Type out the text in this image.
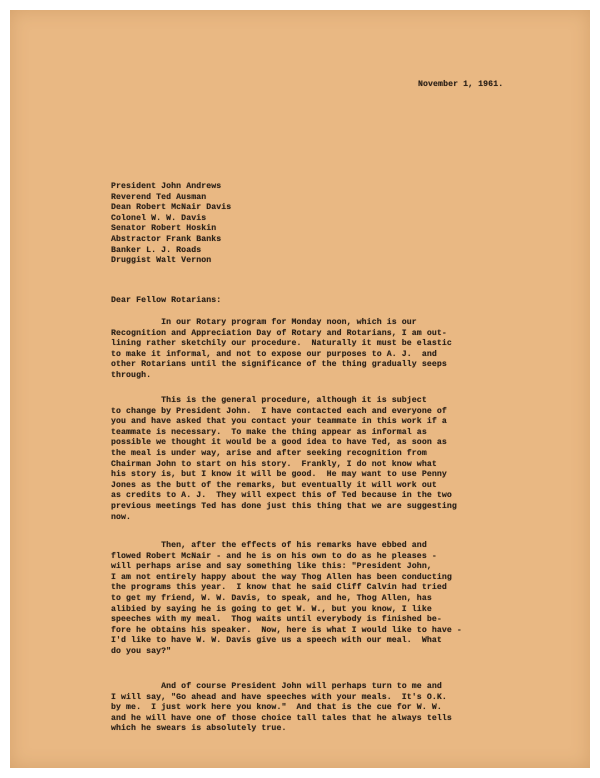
November 1, 1961.
President John Andrews
Reverend Ted Ausman
Dean Robert McNair Davis
Colonel W. W. Davis
Senator Robert Hoskin
Abstractor Frank Banks
Banker L. J. Roads
Druggist Walt Vernon
Dear Fellow Rotarians:
In our Rotary program for Monday noon, which is our
Recognition and Appreciation Day of Rotary and Rotarians, I am out-
lining rather sketchily our procedure.  Naturally it must be elastic
to make it informal, and not to expose our purposes to A. J.  and
other Rotarians until the significance of the thing gradually seeps
through.
This is the general procedure, although it is subject
to change by President John.  I have contacted each and everyone of
you and have asked that you contact your teammate in this work if a
teammate is necessary.  To make the thing appear as informal as
possible we thought it would be a good idea to have Ted, as soon as
the meal is under way, arise and after seeking recognition from
Chairman John to start on his story.  Frankly, I do not know what
his story is, but I know it will be good.  He may want to use Penny
Jones as the butt of the remarks, but eventually it will work out
as credits to A. J.  They will expect this of Ted because in the two
previous meetings Ted has done just this thing that we are suggesting
now.
Then, after the effects of his remarks have ebbed and
flowed Robert McNair - and he is on his own to do as he pleases -
will perhaps arise and say something like this: "President John,
I am not entirely happy about the way Thog Allen has been conducting
the programs this year.  I know that he said Cliff Calvin had tried
to get my friend, W. W. Davis, to speak, and he, Thog Allen, has
alibied by saying he is going to get W. W., but you know, I like
speeches with my meal.  Thog waits until everybody is finished be-
fore he obtains his speaker.  Now, here is what I would like to have -
I'd like to have W. W. Davis give us a speech with our meal.  What
do you say?"
And of course President John will perhaps turn to me and
I will say, "Go ahead and have speeches with your meals.  It's O.K.
by me.  I just work here you know."  And that is the cue for W. W.
and he will have one of those choice tall tales that he always tells
which he swears is absolutely true.
